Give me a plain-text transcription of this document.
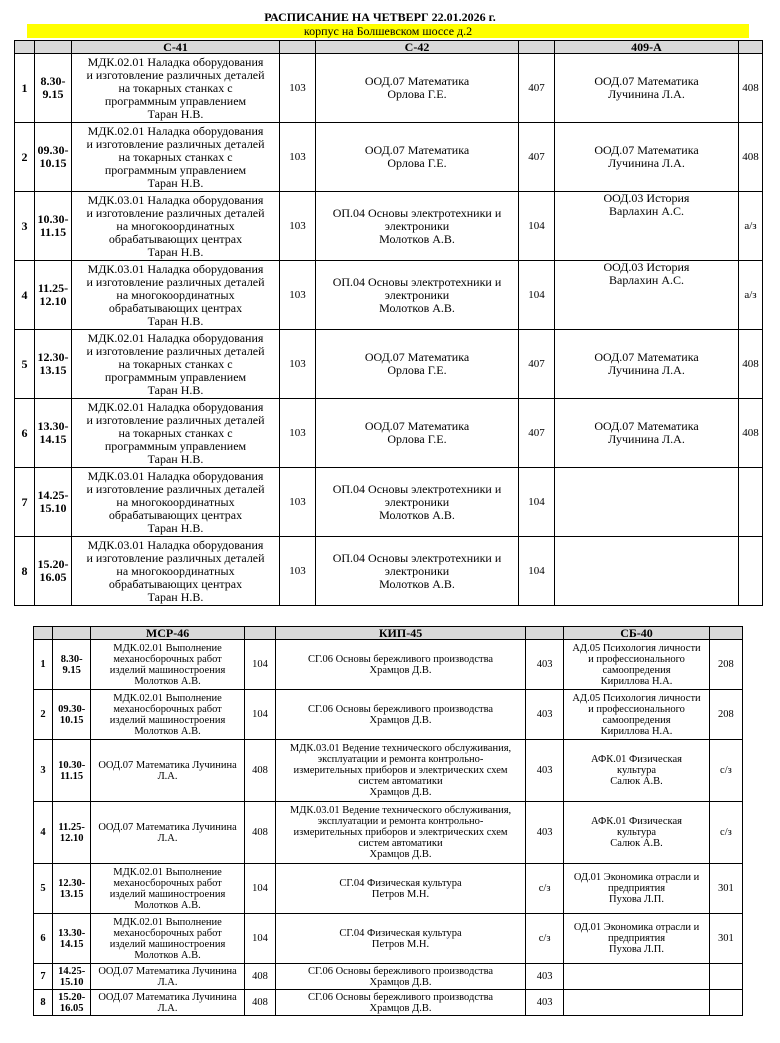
РАСПИСАНИЕ НА ЧЕТВЕРГ 22.01.2026 г.
корпус на Болшевском шоссе д.2
		С-41		С-42		409-А	
1	8.30-
9.15	МДК.02.01 Наладка оборудования
и изготовление различных деталей
на токарных станках с
программным управлением
Таран Н.В.	103	ООД.07 Математика
Орлова Г.Е.	407	ООД.07 Математика
Лучинина Л.А.	408
2	09.30-
10.15	МДК.02.01 Наладка оборудования
и изготовление различных деталей
на токарных станках с
программным управлением
Таран Н.В.	103	ООД.07 Математика
Орлова Г.Е.	407	ООД.07 Математика
Лучинина Л.А.	408
3	10.30-
11.15	МДК.03.01 Наладка оборудования
и изготовление различных деталей
на многокоординатных
обрабатывающих центрах
Таран Н.В.	103	ОП.04 Основы электротехники и
электроники
Молотков А.В.	104	ООД.03 История
Варлахин А.С.	а/з
4	11.25-
12.10	МДК.03.01 Наладка оборудования
и изготовление различных деталей
на многокоординатных
обрабатывающих центрах
Таран Н.В.	103	ОП.04 Основы электротехники и
электроники
Молотков А.В.	104	ООД.03 История
Варлахин А.С.	а/з
5	12.30-
13.15	МДК.02.01 Наладка оборудования
и изготовление различных деталей
на токарных станках с
программным управлением
Таран Н.В.	103	ООД.07 Математика
Орлова Г.Е.	407	ООД.07 Математика
Лучинина Л.А.	408
6	13.30-
14.15	МДК.02.01 Наладка оборудования
и изготовление различных деталей
на токарных станках с
программным управлением
Таран Н.В.	103	ООД.07 Математика
Орлова Г.Е.	407	ООД.07 Математика
Лучинина Л.А.	408
7	14.25-
15.10	МДК.03.01 Наладка оборудования
и изготовление различных деталей
на многокоординатных
обрабатывающих центрах
Таран Н.В.	103	ОП.04 Основы электротехники и
электроники
Молотков А.В.	104		
8	15.20-
16.05	МДК.03.01 Наладка оборудования
и изготовление различных деталей
на многокоординатных
обрабатывающих центрах
Таран Н.В.	103	ОП.04 Основы электротехники и
электроники
Молотков А.В.	104		
		МСР-46		КИП-45		СБ-40	
1	8.30-
9.15	МДК.02.01 Выполнение
механосборочных работ
изделий машиностроения
Молотков А.В.	104	СГ.06 Основы бережливого производства
Храмцов Д.В.	403	АД.05 Психология личности
и профессионального
самоопредения
Кириллова Н.А.	208
2	09.30-
10.15	МДК.02.01 Выполнение
механосборочных работ
изделий машиностроения
Молотков А.В.	104	СГ.06 Основы бережливого производства
Храмцов Д.В.	403	АД.05 Психология личности
и профессионального
самоопредения
Кириллова Н.А.	208
3	10.30-
11.15	ООД.07 Математика Лучинина
Л.А.	408	МДК.03.01 Ведение технического обслуживания,
эксплуатации и ремонта контрольно-
измерительных приборов и электрических схем
систем автоматики
Храмцов Д.В.	403	АФК.01 Физическая
культура
Салюк А.В.	с/з
4	11.25-
12.10	ООД.07 Математика Лучинина
Л.А.	408	МДК.03.01 Ведение технического обслуживания,
эксплуатации и ремонта контрольно-
измерительных приборов и электрических схем
систем автоматики
Храмцов Д.В.	403	АФК.01 Физическая
культура
Салюк А.В.	с/з
5	12.30-
13.15	МДК.02.01 Выполнение
механосборочных работ
изделий машиностроения
Молотков А.В.	104	СГ.04 Физическая культура
Петров М.Н.	с/з	ОД.01 Экономика отрасли и
предприятия
Пухова Л.П.	301
6	13.30-
14.15	МДК.02.01 Выполнение
механосборочных работ
изделий машиностроения
Молотков А.В.	104	СГ.04 Физическая культура
Петров М.Н.	с/з	ОД.01 Экономика отрасли и
предприятия
Пухова Л.П.	301
7	14.25-
15.10	ООД.07 Математика Лучинина
Л.А.	408	СГ.06 Основы бережливого производства
Храмцов Д.В.	403		
8	15.20-
16.05	ООД.07 Математика Лучинина
Л.А.	408	СГ.06 Основы бережливого производства
Храмцов Д.В.	403		
